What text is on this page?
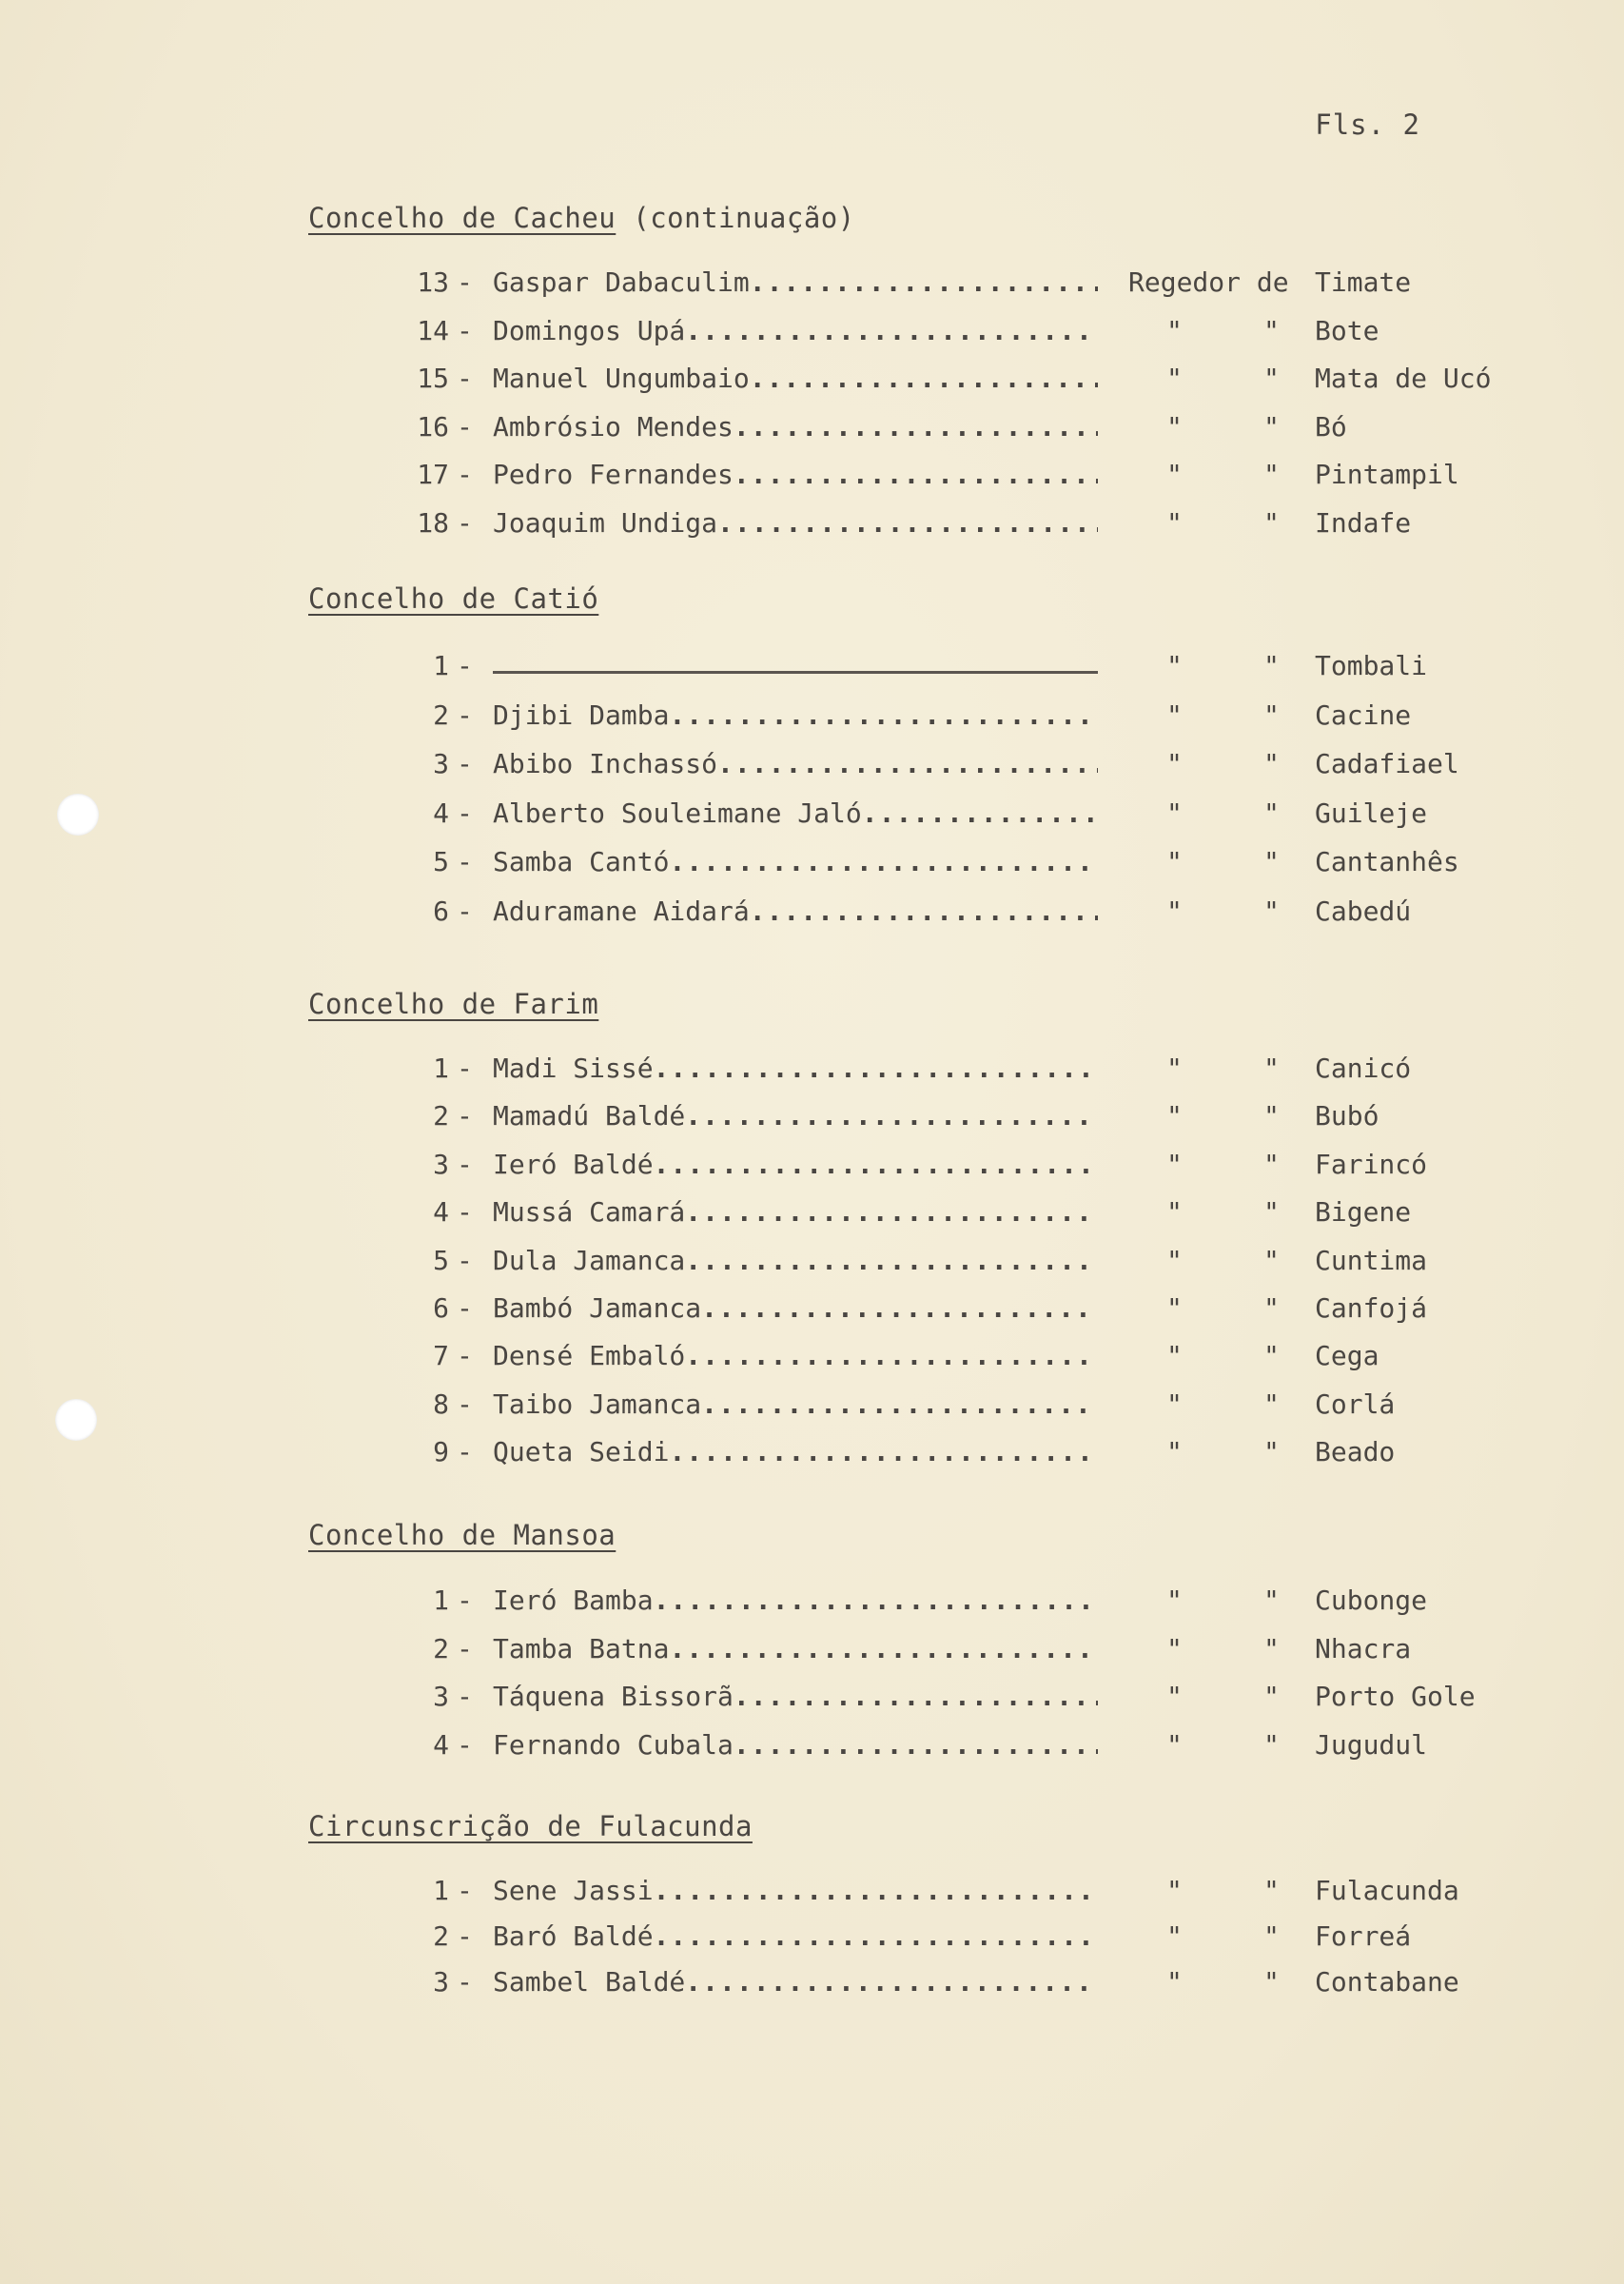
Fls. 2
Concelho de Cacheu (continuação)
13 - Gaspar Dabaculim .....	Regedor de Timate
14 - Domingos Upá .....	"	" Bote
15 - Manuel Ungumbaio .....	"	" Mata de Ucó
16 - Ambrósio Mendes .....	"	" Bó
17 - Pedro Fernandes .....	"	" Pintampil
18 - Joaquim Undiga .....	"	" Indafe
Concelho de Catió
1 -	"	" Tombali
2 - Djibi Damba .....	"	" Cacine
3 - Abibo Inchassó .....	"	" Cadafiael
4 - Alberto Souleimane Jaló .....	"	" Guileje
5 - Samba Cantó .....	"	" Cantanhês
6 - Aduramane Aidará .....	"	" Cabedú
Concelho de Farim
1 - Madi Sissé .....	"	" Canicó
2 - Mamadú Baldé .....	"	" Bubó
3 - Ieró Baldé .....	"	" Farincó
4 - Mussá Camará .....	"	" Bigene
5 - Dula Jamanca .....	"	" Cuntima
6 - Bambó Jamanca .....	"	" Canfojá
7 - Densé Embaló .....	"	" Cega
8 - Taibo Jamanca .....	"	" Corlá
9 - Queta Seidi .....	"	" Beado
Concelho de Mansoa
1 - Ieró Bamba .....	"	" Cubonge
2 - Tamba Batna .....	"	" Nhacra
3 - Táquena Bissorã .....	"	" Porto Gole
4 - Fernando Cubala .....	"	" Jugudul
Circunscrição de Fulacunda
1 - Sene Jassi .....	"	" Fulacunda
2 - Baró Baldé .....	"	" Forreá
3 - Sambel Baldé .....	"	" Contabane
